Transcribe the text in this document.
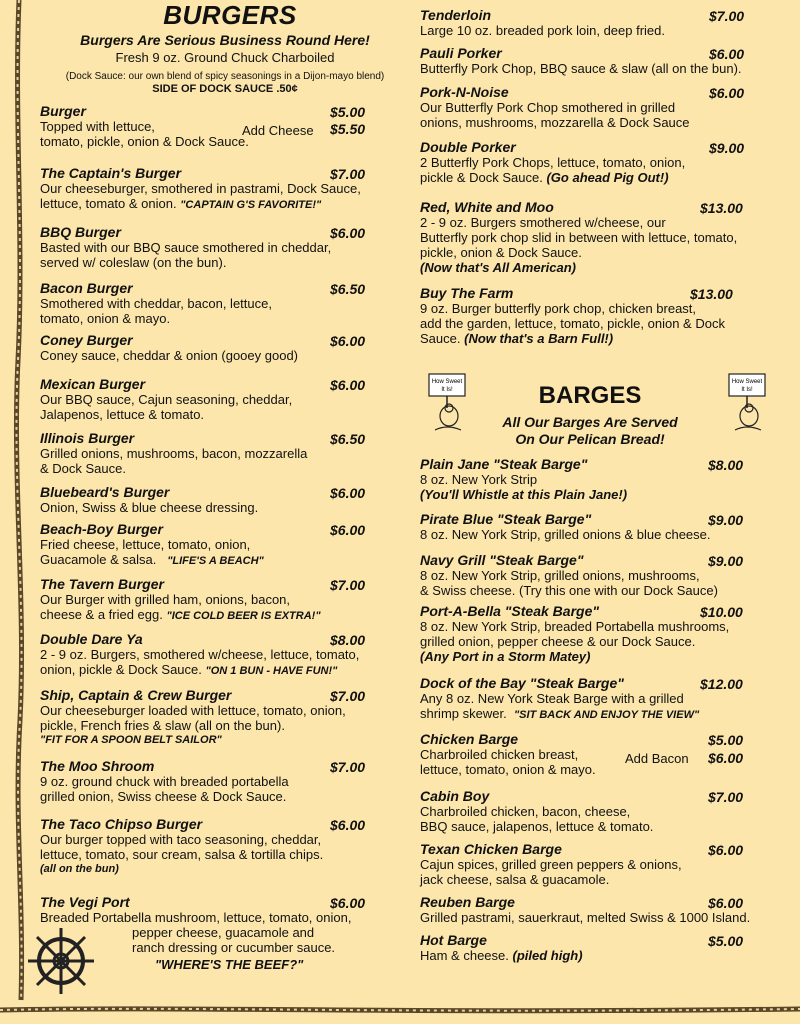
BURGERS
Burgers Are Serious Business Round Here!
Fresh 9 oz. Ground Chuck Charboiled
(Dock Sauce: our own blend of spicy seasonings in a Dijon-mayo blend)
SIDE OF DOCK SAUCE .50¢
Burger
Topped with lettuce,
tomato, pickle, onion & Dock Sauce.
$5.00
Add Cheese $5.50
The Captain's Burger
Our cheeseburger, smothered in pastrami, Dock Sauce,
lettuce, tomato & onion. "CAPTAIN G'S FAVORITE!"
$7.00
BBQ Burger
Basted with our BBQ sauce smothered in cheddar,
served w/ coleslaw (on the bun).
$6.00
Bacon Burger
Smothered with cheddar, bacon, lettuce,
tomato, onion & mayo.
$6.50
Coney Burger
Coney sauce, cheddar & onion (gooey good)
$6.00
Mexican Burger
Our BBQ sauce, Cajun seasoning, cheddar,
Jalapenos, lettuce & tomato.
$6.00
Illinois Burger
Grilled onions, mushrooms, bacon, mozzarella
& Dock Sauce.
$6.50
Bluebeard's Burger
Onion, Swiss & blue cheese dressing.
$6.00
Beach-Boy Burger
Fried cheese, lettuce, tomato, onion,
Guacamole & salsa. "LIFE'S A BEACH"
$6.00
The Tavern Burger
Our Burger with grilled ham, onions, bacon,
cheese & a fried egg. "ICE COLD BEER IS EXTRA!"
$7.00
Double Dare Ya
2 - 9 oz. Burgers, smothered w/cheese, lettuce, tomato,
onion, pickle & Dock Sauce. "ON 1 BUN - HAVE FUN!"
$8.00
Ship, Captain & Crew Burger
Our cheeseburger loaded with lettuce, tomato, onion,
pickle, French fries & slaw (all on the bun).
"FIT FOR A SPOON BELT SAILOR"
$7.00
The Moo Shroom
9 oz. ground chuck with breaded portabella
grilled onion, Swiss cheese & Dock Sauce.
$7.00
The Taco Chipso Burger
Our burger topped with taco seasoning, cheddar,
lettuce, tomato, sour cream, salsa & tortilla chips.
(all on the bun)
$6.00
The Vegi Port
Breaded Portabella mushroom, lettuce, tomato, onion,
pepper cheese, guacamole and
ranch dressing or cucumber sauce.
"WHERE'S THE BEEF?"
$6.00
Tenderloin
Large 10 oz. breaded pork loin, deep fried.
$7.00
Pauli Porker
Butterfly Pork Chop, BBQ sauce & slaw (all on the bun).
$6.00
Pork-N-Noise
Our Butterfly Pork Chop smothered in grilled
onions, mushrooms, mozzarella & Dock Sauce
$6.00
Double Porker
2 Butterfly Pork Chops, lettuce, tomato, onion,
pickle & Dock Sauce. (Go ahead Pig Out!)
$9.00
Red, White and Moo
2 - 9 oz. Burgers smothered w/cheese, our
Butterfly pork chop slid in between with lettuce, tomato,
pickle, onion & Dock Sauce.
(Now that's All American)
$13.00
Buy The Farm
9 oz. Burger butterfly pork chop, chicken breast,
add the garden, lettuce, tomato, pickle, onion & Dock
Sauce. (Now that's a Barn Full!)
$13.00
How Sweet
It Is!
How Sweet
It Is!
BARGES
All Our Barges Are Served
On Our Pelican Bread!
Plain Jane "Steak Barge"
8 oz. New York Strip
(You'll Whistle at this Plain Jane!)
$8.00
Pirate Blue "Steak Barge"
8 oz. New York Strip, grilled onions & blue cheese.
$9.00
Navy Grill "Steak Barge"
8 oz. New York Strip, grilled onions, mushrooms,
& Swiss cheese. (Try this one with our Dock Sauce)
$9.00
Port-A-Bella "Steak Barge"
8 oz. New York Strip, breaded Portabella mushrooms,
grilled onion, pepper cheese & our Dock Sauce.
(Any Port in a Storm Matey)
$10.00
Dock of the Bay "Steak Barge"
Any 8 oz. New York Steak Barge with a grilled
shrimp skewer. "SIT BACK AND ENJOY THE VIEW"
$12.00
Chicken Barge
Charbroiled chicken breast,
lettuce, tomato, onion & mayo.
$5.00
Add Bacon $6.00
Cabin Boy
Charbroiled chicken, bacon, cheese,
BBQ sauce, jalapenos, lettuce & tomato.
$7.00
Texan Chicken Barge
Cajun spices, grilled green peppers & onions,
jack cheese, salsa & guacamole.
$6.00
Reuben Barge
Grilled pastrami, sauerkraut, melted Swiss & 1000 Island.
$6.00
Hot Barge
Ham & cheese. (piled high)
$5.00
